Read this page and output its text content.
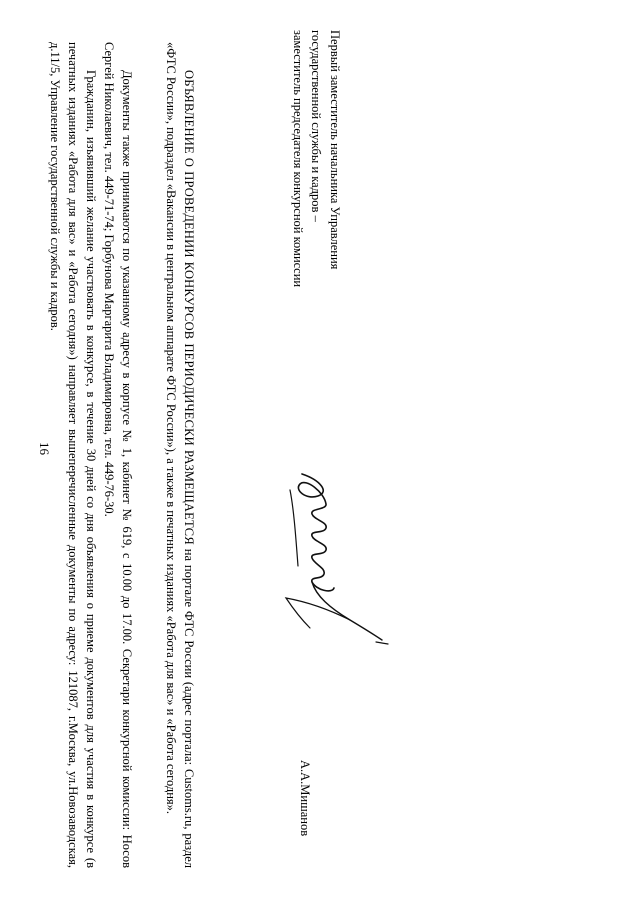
16	Гражданин, изъявивший желание участвовать в конкурсе, в течение 30 дней со дня объявления о приеме документов для участия в конкурсе (в печатных изданиях «Работа для вас» и «Работа сегодня») направляет вышеперечисленные документы по адресу: 121087, г.Москва, ул.Новозаводская, д.11/5, Управление государственной службы и кадров.	Документы также принимаются по указанному адресу в корпусе № 1, кабинет № 619, с 10.00 до 17.00. Секретари конкурсной комиссии: Носов Сергей Николаевич, тел. 449-71-74; Горбунова Маргарита Владимировна, тел. 449-76-30.	ОБЪЯВЛЕНИЕ О ПРОВЕДЕНИИ КОНКУРСОВ ПЕРИОДИЧЕСКИ РАЗМЕЩАЕТСЯ на портале ФТС России (адрес портала: Customs.ru, раздел «ФТС России», подраздел «Вакансии в центральном аппарате ФТС России»), а также в печатных изданиях «Работа для вас» и «Работа сегодня».	Первый заместитель начальника Управления
государственной службы и кадров –
заместитель председателя конкурсной комиссии
А.А.Мишанов
